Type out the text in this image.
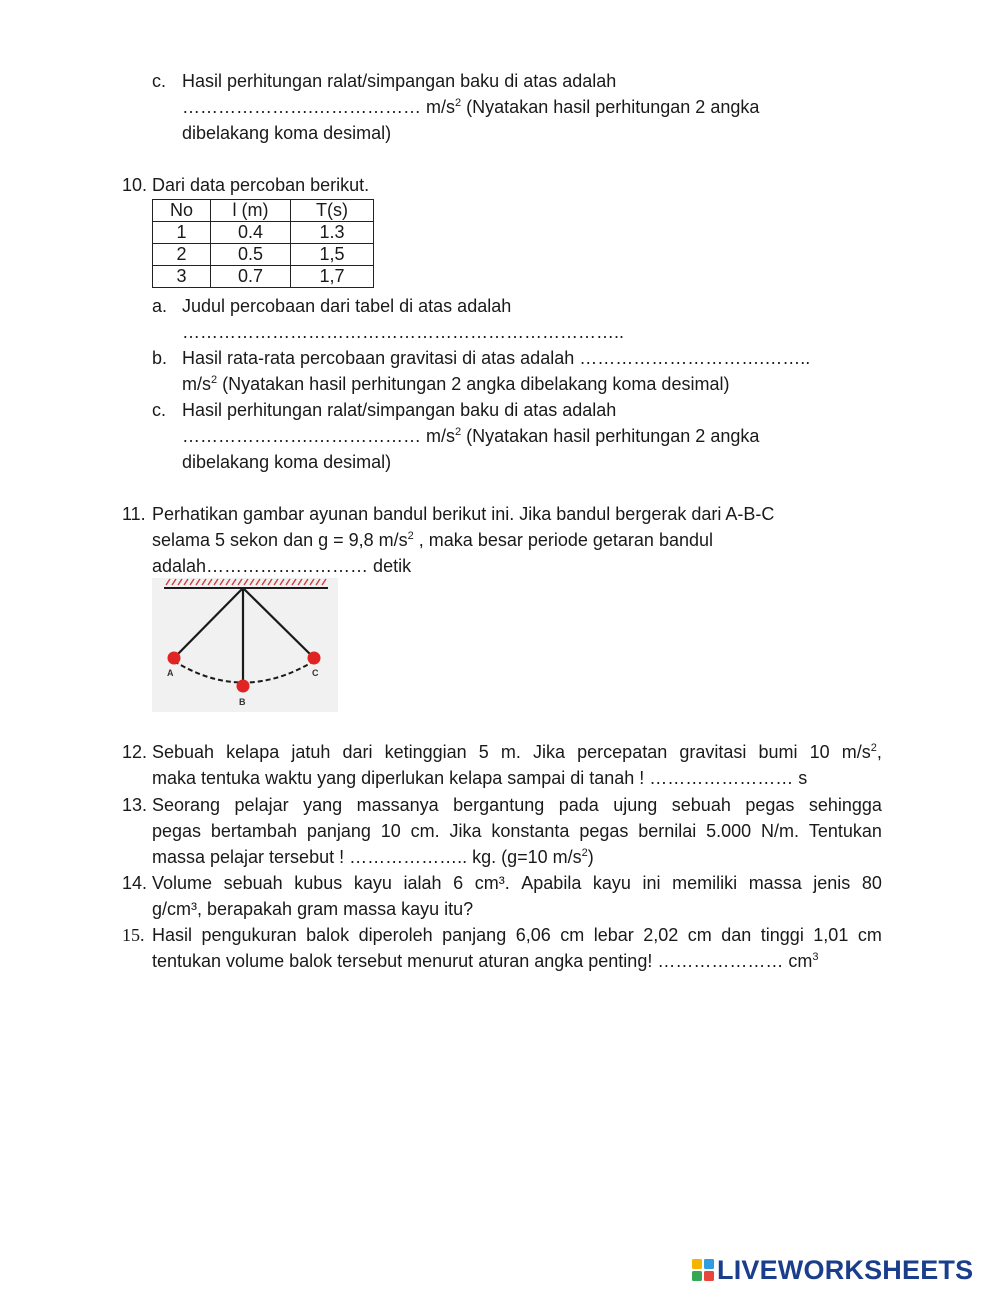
c. Hasil perhitungan ralat/simpangan baku di atas adalah
………………….……………… $m/s^2$ (Nyatakan hasil perhitungan 2 angka
dibelakang koma desimal)
10. Dari data percoban berikut.
No	l (m)	T(s)
1	0.4	1.3
2	0.5	1,5
3	0.7	1,7
a. Judul percobaan dari tabel di atas adalah
………………………………………………………………..
b. Hasil rata-rata percobaan gravitasi di atas adalah ………………………….……..
$m/s^2$ (Nyatakan hasil perhitungan 2 angka dibelakang koma desimal)
c. Hasil perhitungan ralat/simpangan baku di atas adalah
………………….……………… $m/s^2$ (Nyatakan hasil perhitungan 2 angka
dibelakang koma desimal)
11. Perhatikan gambar ayunan bandul berikut ini. Jika bandul bergerak dari A-B-C
selama 5 sekon dan g = 9,8 $m/s^2$ , maka besar periode getaran bandul
adalah……………………… detik
A
B
C
12. Sebuah kelapa jatuh dari ketinggian 5 m. Jika percepatan gravitasi bumi 10 $m/s^2$,
maka tentuka waktu yang diperlukan kelapa sampai di tanah ! …………………… s
13. Seorang pelajar yang massanya bergantung pada ujung sebuah pegas sehingga
pegas bertambah panjang 10 cm. Jika konstanta pegas bernilai 5.000 N/m. Tentukan
massa pelajar tersebut ! ……………….. kg. (g=10 $m/s^2$)
14. Volume sebuah kubus kayu ialah 6 cm³. Apabila kayu ini memiliki massa jenis 80
g/cm³, berapakah gram massa kayu itu?
15. Hasil pengukuran balok diperoleh panjang 6,06 cm lebar 2,02 cm dan tinggi 1,01 cm
tentukan volume balok tersebut menurut aturan angka penting! ………………… $cm^3$
LIVEWORKSHEETS
